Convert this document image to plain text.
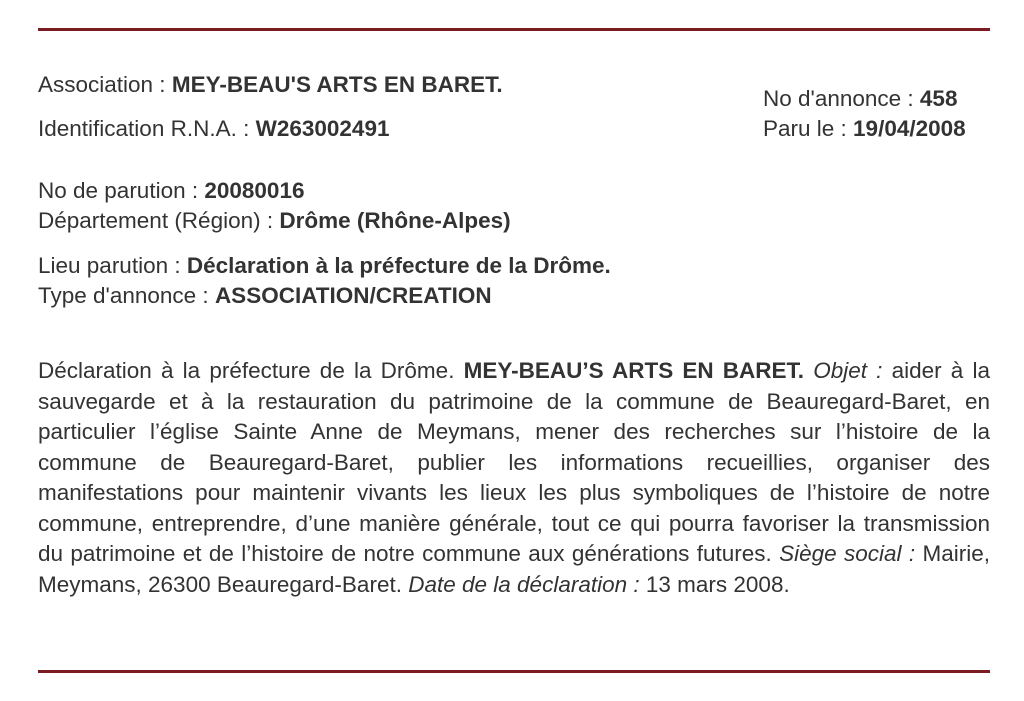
Association : MEY-BEAU'S ARTS EN BARET.
Identification R.N.A. : W263002491
No d'annonce : 458
Paru le : 19/04/2008
No de parution : 20080016
Département (Région) : Drôme (Rhône-Alpes)
Lieu parution : Déclaration à la préfecture de la Drôme.
Type d'annonce : ASSOCIATION/CREATION
Déclaration à la préfecture de la Drôme. MEY-BEAU’S ARTS EN BARET. Objet : aider à la sauvegarde et à la restauration du patrimoine de la commune de Beauregard-Baret, en particulier l’église Sainte Anne de Meymans, mener des recherches sur l’histoire de la commune de Beauregard-Baret, publier les informations recueillies, organiser des manifestations pour maintenir vivants les lieux les plus symboliques de l’histoire de notre commune, entreprendre, d’une manière générale, tout ce qui pourra favoriser la transmission du patrimoine et de l’histoire de notre commune aux générations futures. Siège social : Mairie, Meymans, 26300 Beauregard-Baret. Date de la déclaration : 13 mars 2008.
